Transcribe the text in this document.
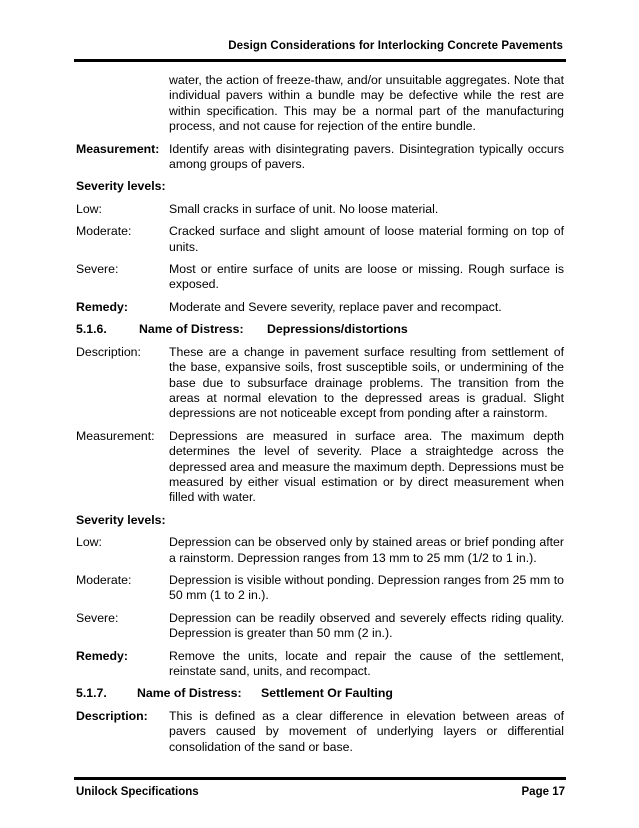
Design Considerations for Interlocking Concrete Pavements
water, the action of freeze-thaw, and/or unsuitable aggregates. Note that individual pavers within a bundle may be defective while the rest are within specification. This may be a normal part of the manufacturing process, and not cause for rejection of the entire bundle.
Measurement: Identify areas with disintegrating pavers. Disintegration typically occurs among groups of pavers.
Severity levels:
Low:	Small cracks in surface of unit. No loose material.
Moderate:	Cracked surface and slight amount of loose material forming on top of units.
Severe:	Most or entire surface of units are loose or missing. Rough surface is exposed.
Remedy:	Moderate and Severe severity, replace paver and recompact.
5.1.6.	Name of Distress:	Depressions/distortions
Description:	These are a change in pavement surface resulting from settlement of the base, expansive soils, frost susceptible soils, or undermining of the base due to subsurface drainage problems. The transition from the areas at normal elevation to the depressed areas is gradual. Slight depressions are not noticeable except from ponding after a rainstorm.
Measurement:	Depressions are measured in surface area. The maximum depth determines the level of severity. Place a straightedge across the depressed area and measure the maximum depth. Depressions must be measured by either visual estimation or by direct measurement when filled with water.
Severity levels:
Low:	Depression can be observed only by stained areas or brief ponding after a rainstorm. Depression ranges from 13 mm to 25 mm (1/2 to 1 in.).
Moderate:	Depression is visible without ponding. Depression ranges from 25 mm to 50 mm (1 to 2 in.).
Severe:	Depression can be readily observed and severely effects riding quality. Depression is greater than 50 mm (2 in.).
Remedy:	Remove the units, locate and repair the cause of the settlement, reinstate sand, units, and recompact.
5.1.7.	Name of Distress:	Settlement Or Faulting
Description:	This is defined as a clear difference in elevation between areas of pavers caused by movement of underlying layers or differential consolidation of the sand or base.
Unilock Specifications	Page 17
